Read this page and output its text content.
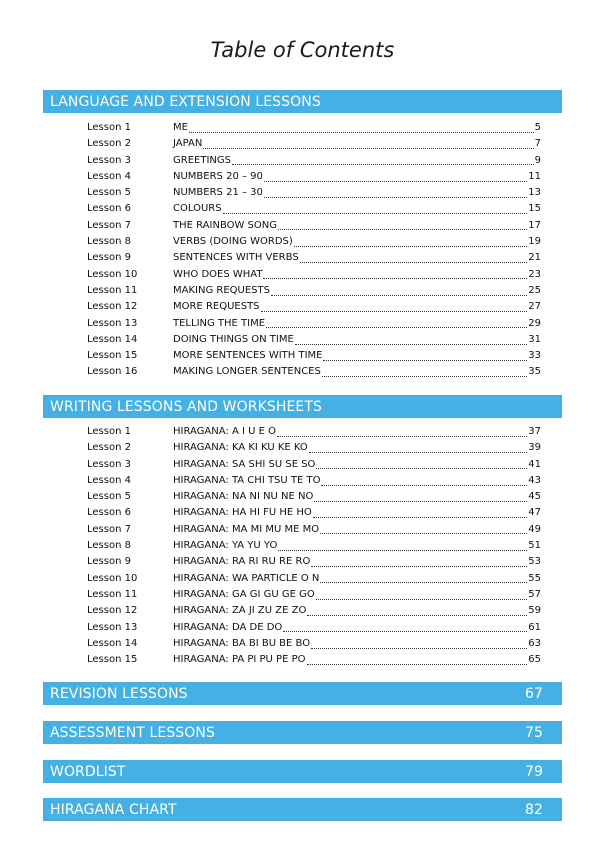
Table of Contents
LANGUAGE AND EXTENSION LESSONS
Lesson 1	ME	5
Lesson 2	JAPAN	7
Lesson 3	GREETINGS	9
Lesson 4	NUMBERS 20 – 90	11
Lesson 5	NUMBERS 21 – 30	13
Lesson 6	COLOURS	15
Lesson 7	THE RAINBOW SONG	17
Lesson 8	VERBS (DOING WORDS)	19
Lesson 9	SENTENCES WITH VERBS	21
Lesson 10	WHO DOES WHAT	23
Lesson 11	MAKING REQUESTS	25
Lesson 12	MORE REQUESTS	27
Lesson 13	TELLING THE TIME	29
Lesson 14	DOING THINGS ON TIME	31
Lesson 15	MORE SENTENCES WITH TIME	33
Lesson 16	MAKING LONGER SENTENCES	35
WRITING LESSONS AND WORKSHEETS
Lesson 1	HIRAGANA: A I U E O	37
Lesson 2	HIRAGANA: KA KI KU KE KO	39
Lesson 3	HIRAGANA: SA SHI SU SE SO	41
Lesson 4	HIRAGANA: TA CHI TSU TE TO	43
Lesson 5	HIRAGANA: NA NI NU NE NO	45
Lesson 6	HIRAGANA: HA HI FU HE HO	47
Lesson 7	HIRAGANA: MA MI MU ME MO	49
Lesson 8	HIRAGANA: YA YU YO	51
Lesson 9	HIRAGANA: RA RI RU RE RO	53
Lesson 10	HIRAGANA: WA PARTICLE O N	55
Lesson 11	HIRAGANA: GA GI GU GE GO	57
Lesson 12	HIRAGANA: ZA JI ZU ZE ZO	59
Lesson 13	HIRAGANA: DA DE DO	61
Lesson 14	HIRAGANA: BA BI BU BE BO	63
Lesson 15	HIRAGANA: PA PI PU PE PO	65
REVISION LESSONS	67
ASSESSMENT LESSONS	75
WORDLIST	79
HIRAGANA CHART	82
